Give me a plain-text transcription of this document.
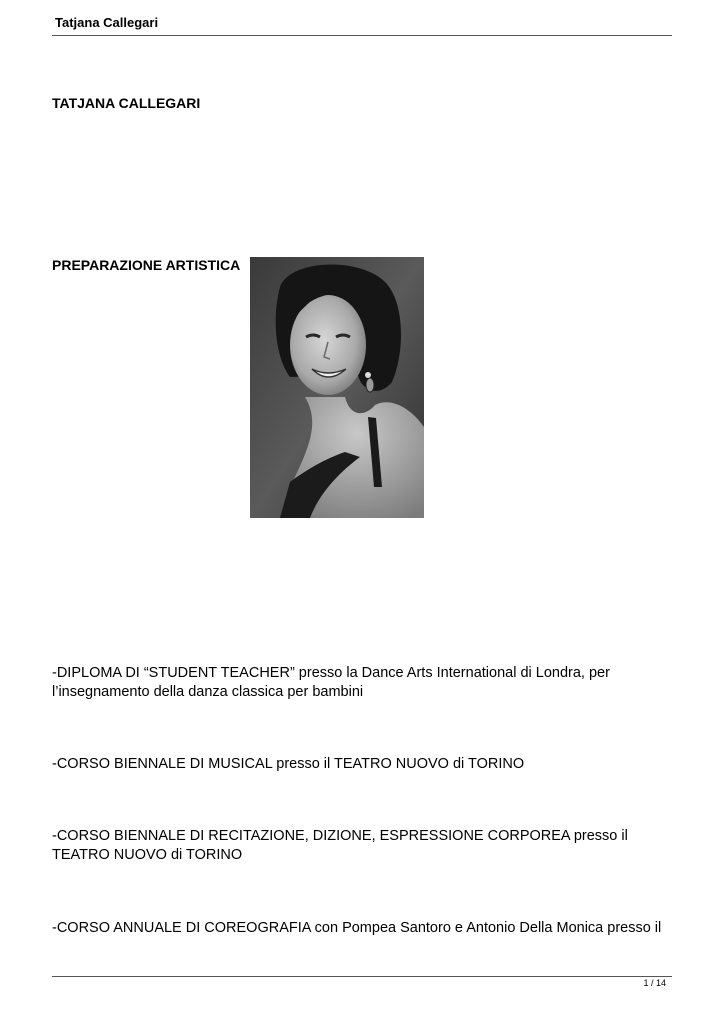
Tatjana Callegari
TATJANA CALLEGARI
PREPARAZIONE ARTISTICA
-DIPLOMA DI “STUDENT TEACHER” presso la Dance Arts International di Londra, per l’insegnamento della danza classica per bambini
-CORSO BIENNALE DI MUSICAL presso il TEATRO NUOVO di TORINO
-CORSO BIENNALE DI RECITAZIONE, DIZIONE, ESPRESSIONE CORPOREA presso il TEATRO NUOVO di TORINO
-CORSO ANNUALE DI COREOGRAFIA con Pompea Santoro e Antonio Della Monica presso il
1 / 14
